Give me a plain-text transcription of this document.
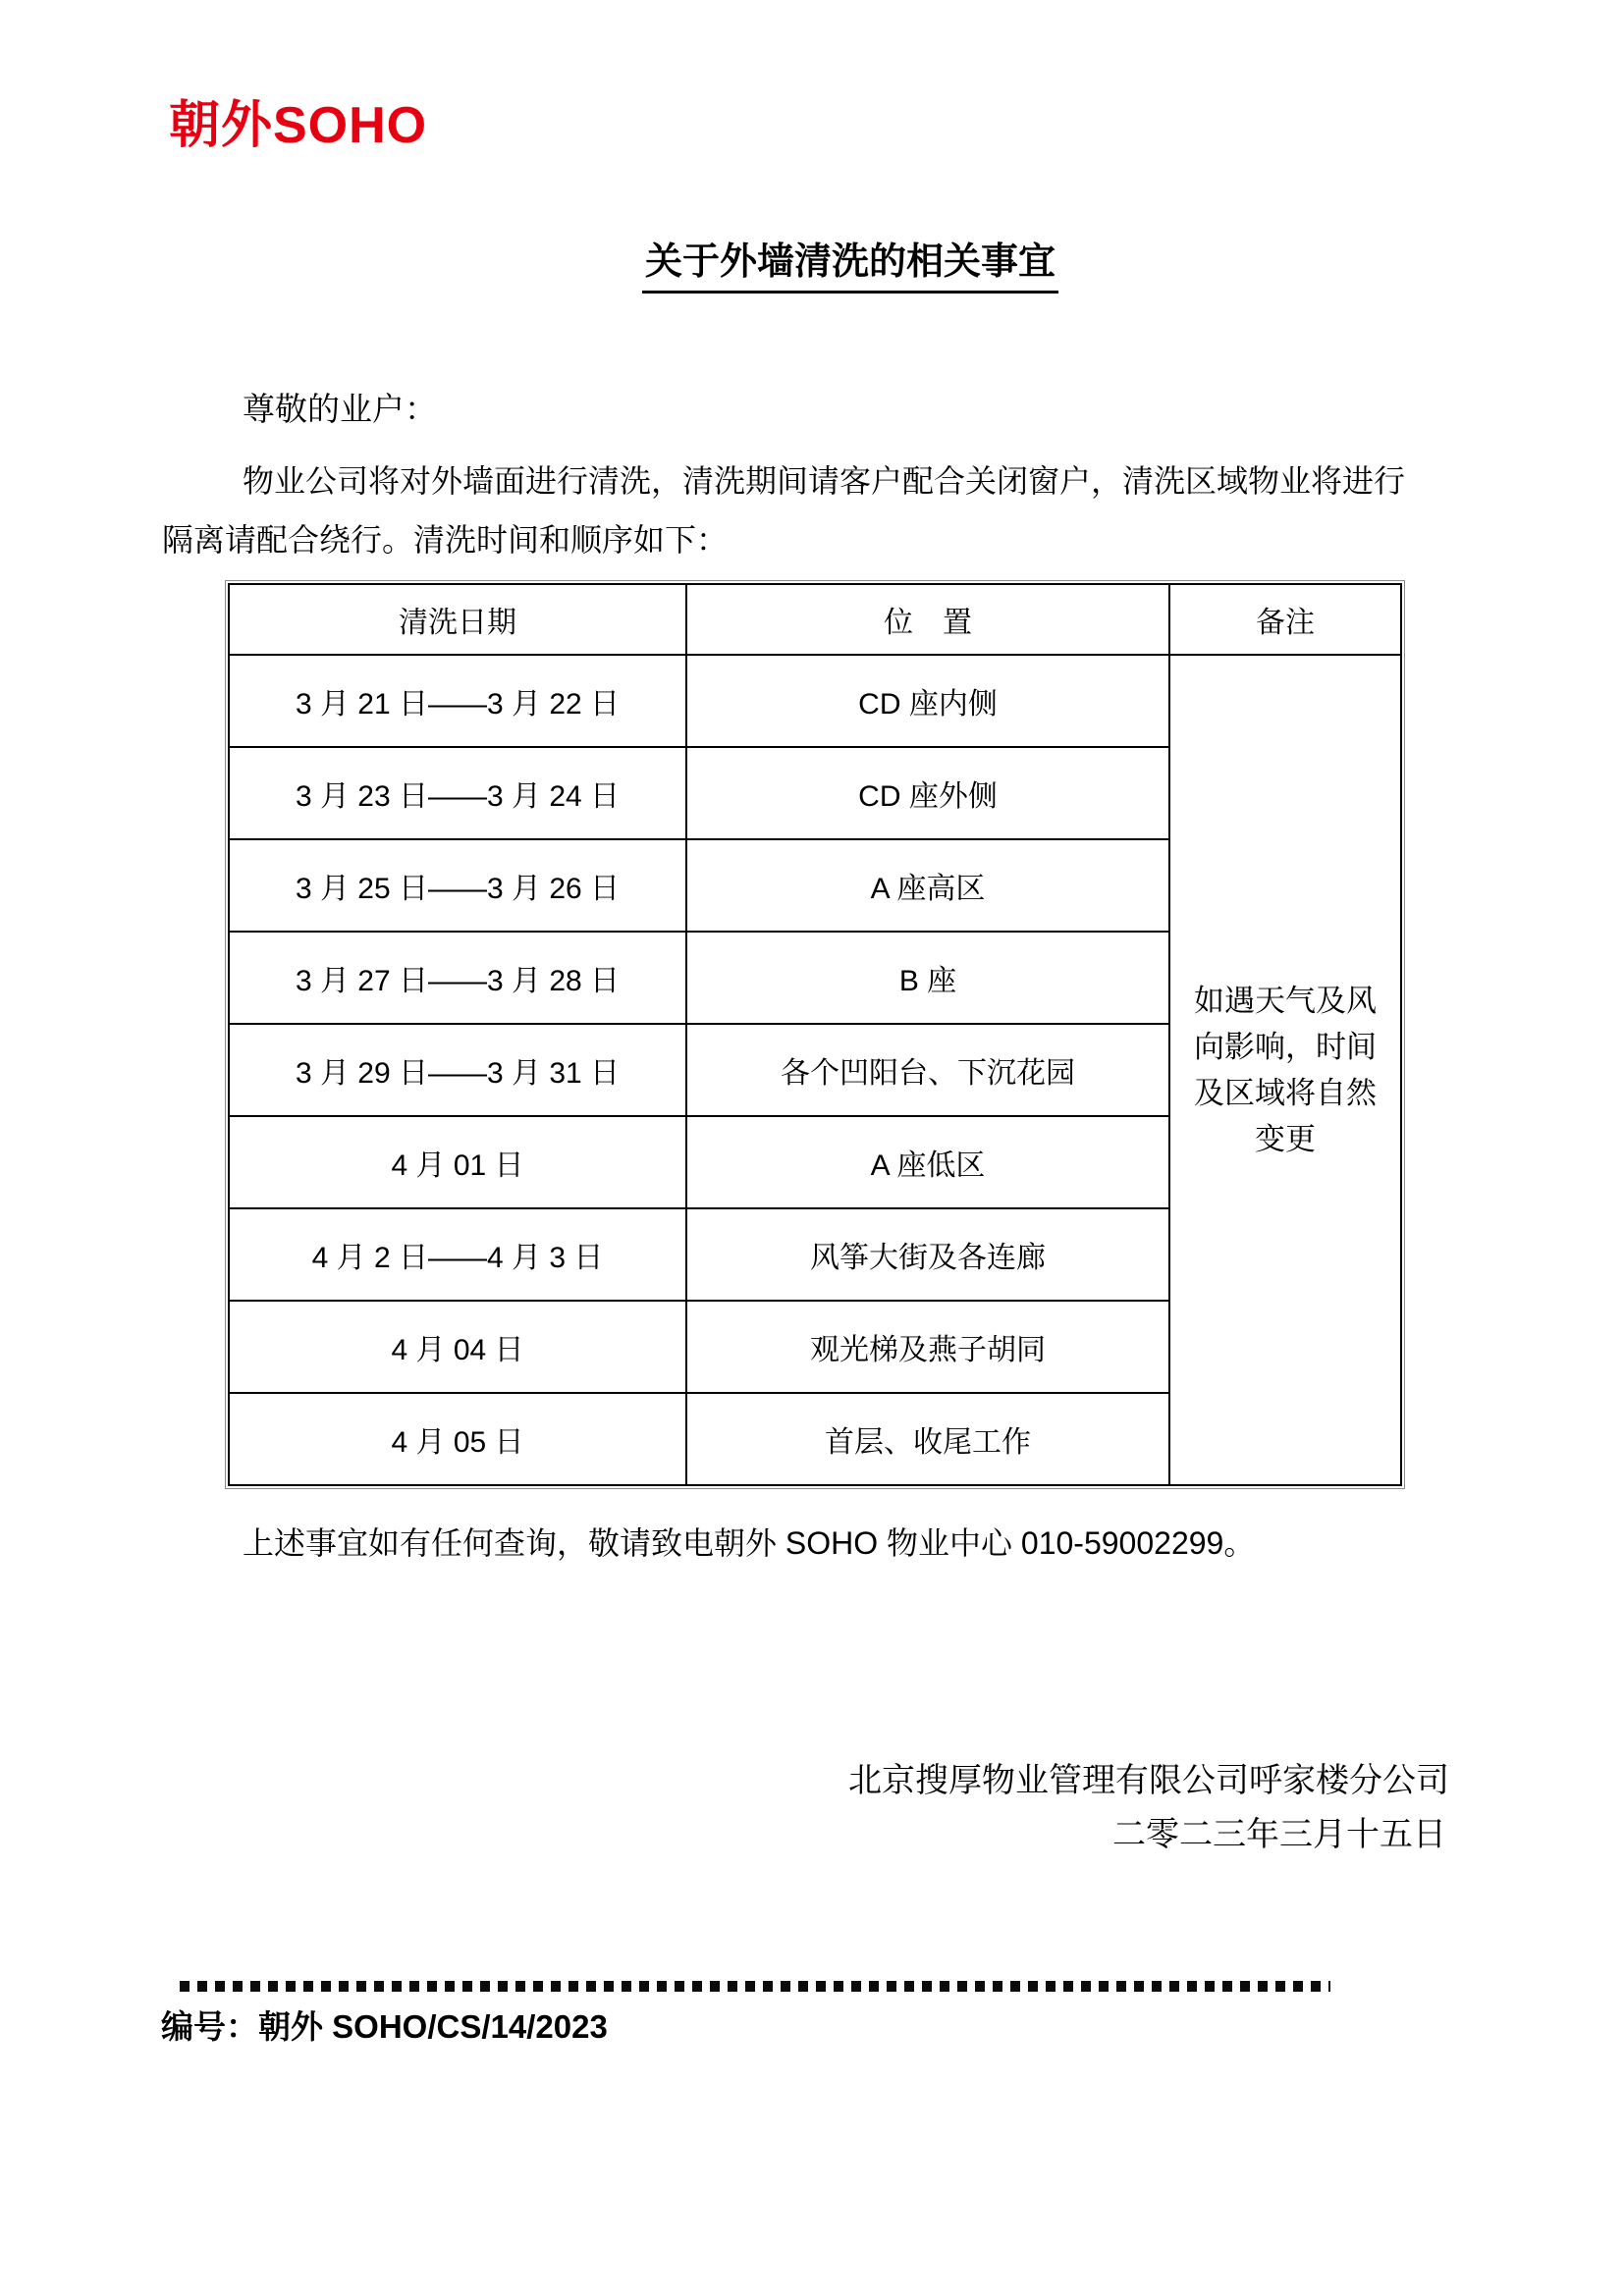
朝外SOHO
关于外墙清洗的相关事宜
尊敬的业户：
物业公司将对外墙面进行清洗，清洗期间请客户配合关闭窗户，清洗区域物业将进行
隔离请配合绕行。清洗时间和顺序如下：
清洗日期	位　置	备注
3 月 21 日——3 月 22 日	CD 座内侧	如遇天气及风向影响，时间及区域将自然变更
3 月 23 日——3 月 24 日	CD 座外侧	
3 月 25 日——3 月 26 日	A 座高区	
3 月 27 日——3 月 28 日	B 座	
3 月 29 日——3 月 31 日	各个凹阳台、下沉花园	
4 月 01 日	A 座低区	
4 月 2 日——4 月 3 日	风筝大街及各连廊	
4 月 04 日	观光梯及燕子胡同	
4 月 05 日	首层、收尾工作	
上述事宜如有任何查询，敬请致电朝外 SOHO 物业中心 010-59002299。
北京搜厚物业管理有限公司呼家楼分公司
二零二三年三月十五日
编号：朝外 SOHO/CS/14/2023
